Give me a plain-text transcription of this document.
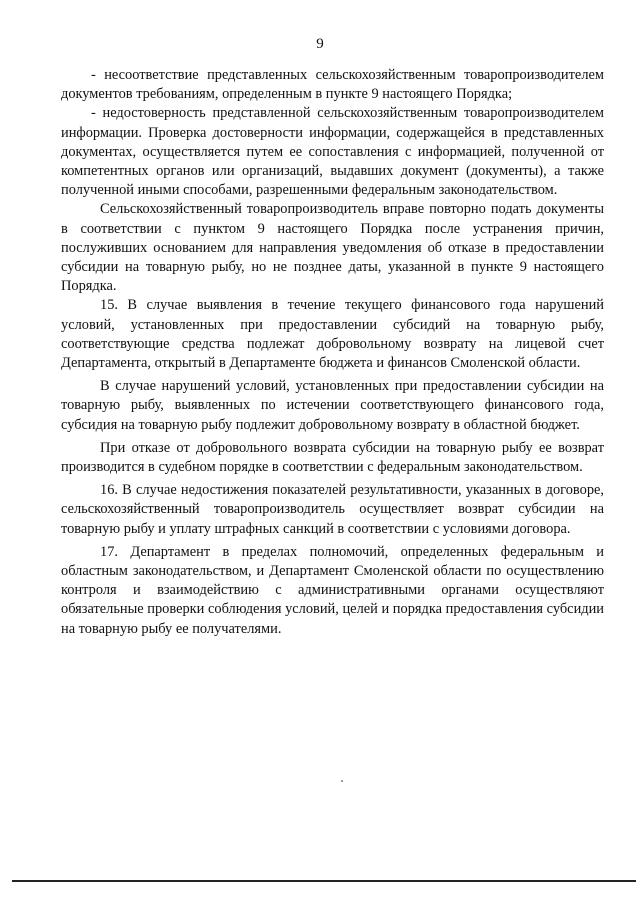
9

- несоответствие представленных сельскохозяйственным товаропроизводителем документов требованиям, определенным в пункте 9 настоящего Порядка;

- недостоверность представленной сельскохозяйственным товаропроизводителем информации. Проверка достоверности информации, содержащейся в представленных документах, осуществляется путем ее сопоставления с информацией, полученной от компетентных органов или организаций, выдавших документ (документы), а также полученной иными способами, разрешенными федеральным законодательством.

Сельскохозяйственный товаропроизводитель вправе повторно подать документы в соответствии с пунктом 9 настоящего Порядка после устранения причин, послуживших основанием для направления уведомления об отказе в предоставлении субсидии на товарную рыбу, но не позднее даты, указанной в пункте 9 настоящего Порядка.

15. В случае выявления в течение текущего финансового года нарушений условий, установленных при предоставлении субсидий на товарную рыбу, соответствующие средства подлежат добровольному возврату на лицевой счет Департамента, открытый в Департаменте бюджета и финансов Смоленской области.

В случае нарушений условий, установленных при предоставлении субсидии на товарную рыбу, выявленных по истечении соответствующего финансового года, субсидия на товарную рыбу подлежит добровольному возврату в областной бюджет.

При отказе от добровольного возврата субсидии на товарную рыбу ее возврат производится в судебном порядке в соответствии с федеральным законодательством.

16. В случае недостижения показателей результативности, указанных в договоре, сельскохозяйственный товаропроизводитель осуществляет возврат субсидии на товарную рыбу и уплату штрафных санкций в соответствии с условиями договора.

17. Департамент в пределах полномочий, определенных федеральным и областным законодательством, и Департамент Смоленской области по осуществлению контроля и взаимодействию с административными органами осуществляют обязательные проверки соблюдения условий, целей и порядка предоставления субсидии на товарную рыбу ее получателями.
